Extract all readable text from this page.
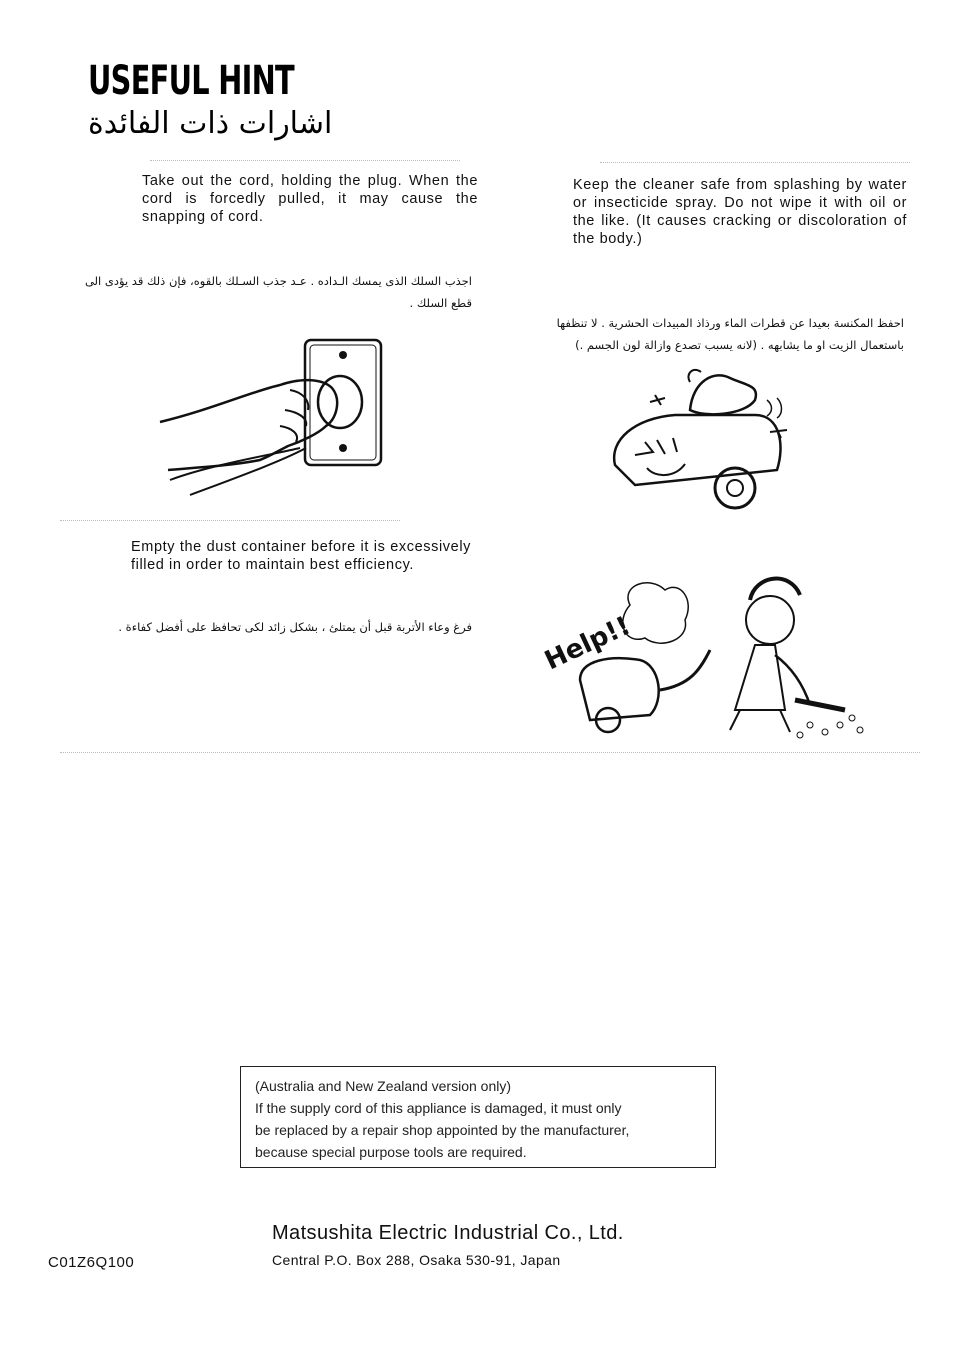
USEFUL HINT
اشارات ذات الفائدة
Take out the cord, holding the plug. When the cord is forcedly pulled, it may cause the snapping of cord.
اجذب السلك الذى يمسك الـداده . عـد جذب السـلك بالقوه، فإن ذلك قد يؤدى الى قطع السلك .
Keep the cleaner safe from splashing by water or insecticide spray. Do not wipe it with oil or the like. (It causes cracking or discoloration of the body.)
احفظ المكنسة بعيدا عن قطرات الماء ورذاذ المبيدات الحشرية . لا تنظفها باستعمال الزيت او ما يشابهه . (لانه يسبب تصدع وازالة لون الجسم .)
Empty the dust container before it is excessively filled in order to maintain best efficiency.
فرغ وعاء الأتربة قبل أن يمتلئ ، بشكل زائد لكى تحافظ على أفضل كفاءة .	Help!!
(Australia and New Zealand version only)
If the supply cord of this appliance is damaged, it must only
be replaced by a repair shop appointed by the manufacturer,
because special purpose tools are required.
Matsushita Electric Industrial Co., Ltd.
Central P.O. Box 288, Osaka 530-91, Japan
C01Z6Q100
